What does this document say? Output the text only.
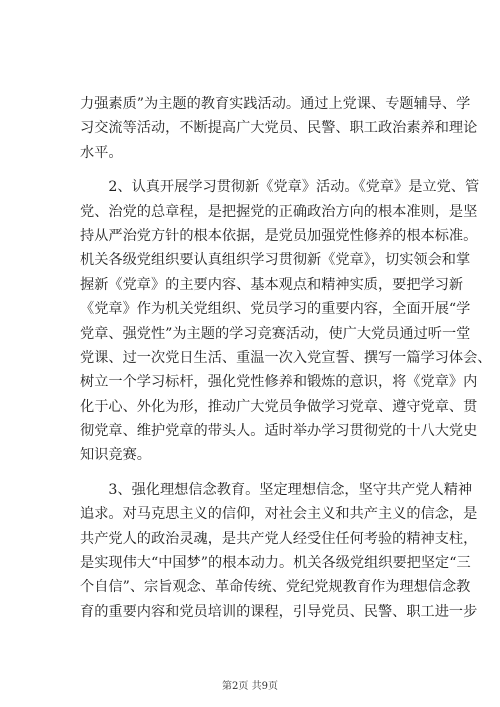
力强素质”为主题的教育实践活动。通过上党课、专题辅导、学
习交流等活动，不断提高广大党员、民警、职工政治素养和理论
水平。
　　2、认真开展学习贯彻新《党章》活动。《党章》是立党、管
党、治党的总章程，是把握党的正确政治方向的根本准则，是坚
持从严治党方针的根本依据，是党员加强党性修养的根本标准。
机关各级党组织要认真组织学习贯彻新《党章》，切实领会和掌
握新《党章》的主要内容、基本观点和精神实质，要把学习新
《党章》作为机关党组织、党员学习的重要内容，全面开展“学
党章、强党性”为主题的学习竞赛活动，使广大党员通过听一堂
党课、过一次党日生活、重温一次入党宣誓、撰写一篇学习体会、
树立一个学习标杆，强化党性修养和锻炼的意识，将《党章》内
化于心、外化为形，推动广大党员争做学习党章、遵守党章、贯
彻党章、维护党章的带头人。适时举办学习贯彻党的十八大党史
知识竞赛。
　　3、强化理想信念教育。坚定理想信念，坚守共产党人精神
追求。对马克思主义的信仰，对社会主义和共产主义的信念，是
共产党人的政治灵魂，是共产党人经受住任何考验的精神支柱，
是实现伟大“中国梦”的根本动力。机关各级党组织要把坚定“三
个自信”、宗旨观念、革命传统、党纪党规教育作为理想信念教
育的重要内容和党员培训的课程，引导党员、民警、职工进一步
第2页 共9页
